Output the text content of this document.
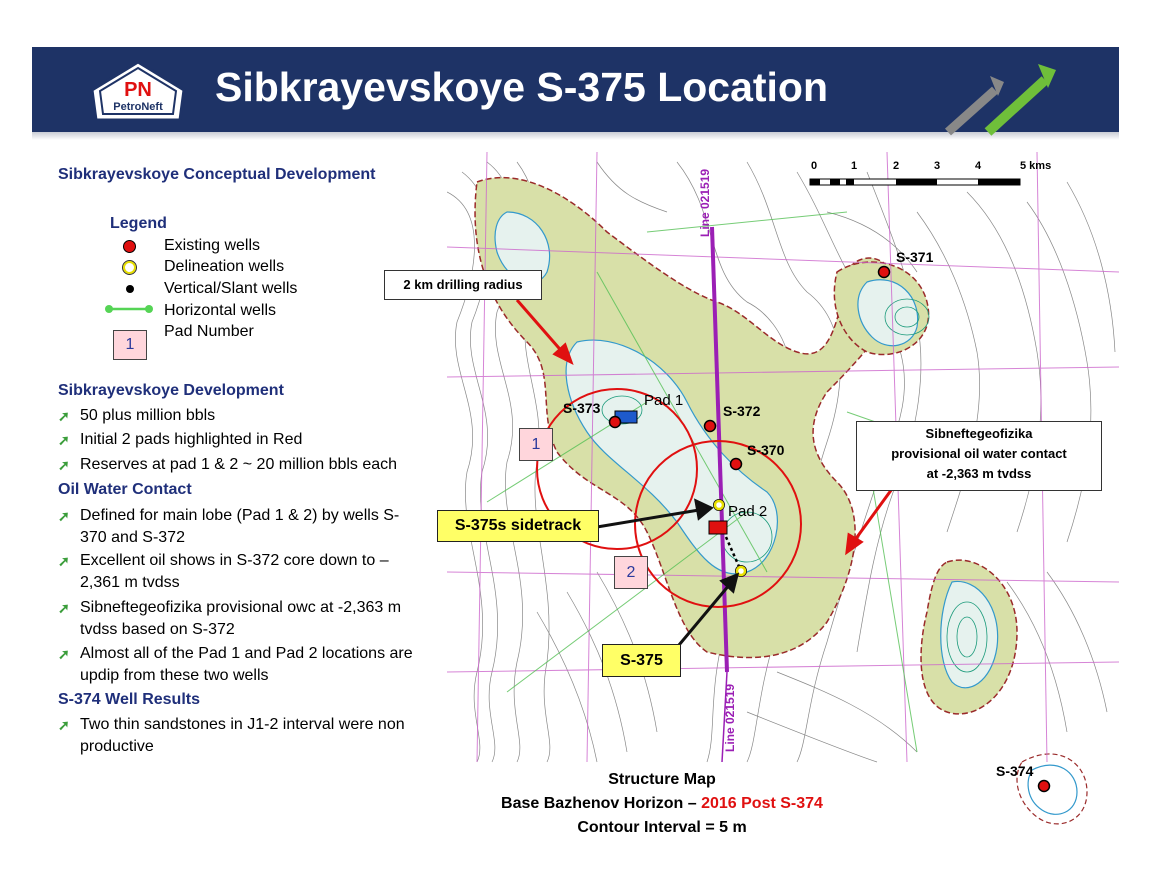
PN
PetroNeft Sibkrayevskoye S-375 Location
Sibkrayevskoye Conceptual Development
Legend
Existing wells
Delineation wells
Vertical/Slant wells
Horizontal wells
1
Pad Number
Sibkrayevskoye Development
➚ 50 plus million bbls
➚ Initial 2 pads highlighted in Red
➚ Reserves at pad 1 & 2 ~ 20 million bbls each
Oil Water Contact
➚ Defined for main lobe (Pad 1 & 2) by wells S-370 and S-372
➚ Excellent oil shows in S-372 core down to – 2,361 m tvdss
➚ Sibneftegeofizika provisional owc at -2,363 m tvdss based on S-372
➚ Almost all of the Pad 1 and Pad 2 locations are updip from these two wells
S-374 Well Results
➚ Two thin sandstones in J1-2 interval were non productive
0	1	2	3	4	5 kms
Line 021519
Line 021519
S-371
S-373	S-372
S-370
S-374
Pad 1
Pad 2
1
2
2 km drilling radius
Sibneftegeofizika
provisional oil water contact
at -2,363 m tvdss
S-375s sidetrack
S-375
Structure Map
Base Bazhenov Horizon – 2016 Post S-374
Contour Interval = 5 m
